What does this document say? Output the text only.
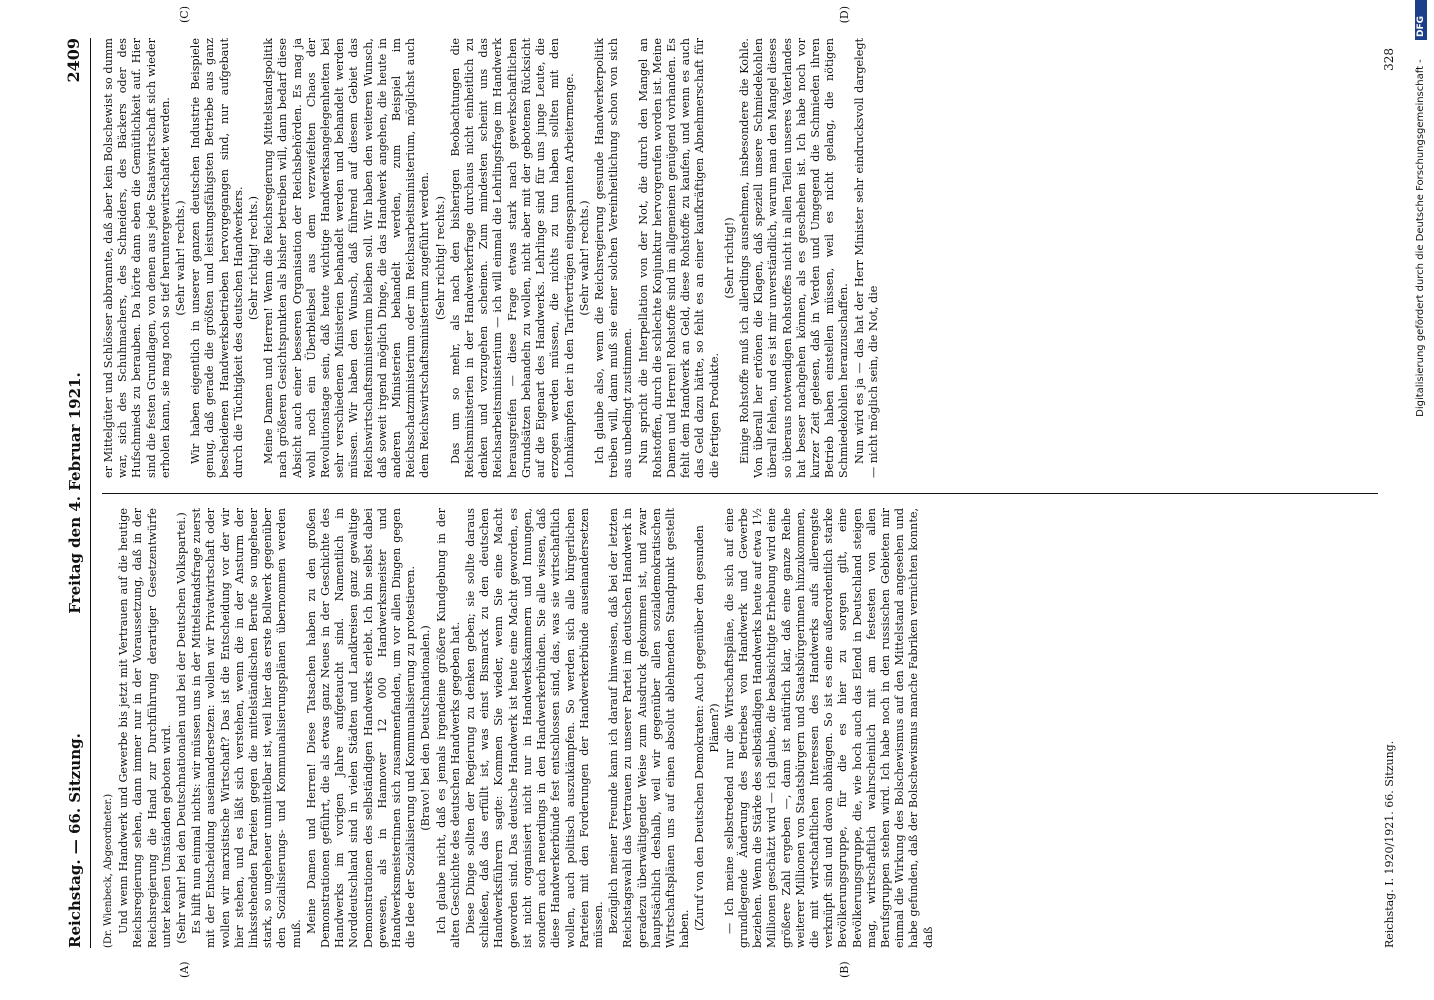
Reichstag. — 66. Sitzung.
Freitag den 4. Februar 1921.
2409

(Dr. Wienbeck, Abgeordneter.) Und wenn Handwerk und Gewerbe bis jetzt mit Vertrauen auf die heutige Reichsregierung sehen, dann immer nur in der Voraussetzung, daß in der Reichsregierung die Hand zur Durchführung derartiger Gesetzentwürfe unter keinen Umständen geboten wird. (Sehr wahr! bei den Deutschnationalen und bei der Deutschen Volkspartei.) Es hilft nun einmal nichts: wir müssen uns in der Mittelstandsfrage zuerst mit der Entscheidung auseinandersetzen: wollen wir Privatwirtschaft oder wollen wir marxistische Wirtschaft? Das ist die Entscheidung vor der wir hier stehen, und es läßt sich verstehen, wenn die in der Ansturm der linksstehenden Parteien gegen die mittelständischen Berufe so ungeheuer stark, so ungeheuer unmittelbar ist, weil hier das erste Bollwerk gegenüber den Sozialisierungs- und Kommunalisierungsplänen übernommen werden muß. Meine Damen und Herren! Diese Tatsachen haben zu den großen Demonstrationen geführt, die als etwas ganz Neues in der Geschichte des Handwerks im vorigen Jahre aufgetaucht sind. Namentlich in Norddeutschland sind in vielen Städten und Landkreisen ganz gewaltige Demonstrationen des selbständigen Handwerks erlebt. Ich bin selbst dabei gewesen, als in Hannover 12 000 Handwerksmeister und Handwerksmeisterinnen sich zusammenfanden, um vor allen Dingen gegen die Idee der Sozialisierung und Kommunalisierung zu protestieren. (Bravo! bei den Deutschnationalen.) Ich glaube nicht, daß es jemals irgendeine größere Kundgebung in der alten Geschichte des deutschen Handwerks gegeben hat. Diese Dinge sollten der Regierung zu denken geben; sie sollte daraus schließen, daß das erfüllt ist, was einst Bismarck zu den deutschen Handwerksführern sagte: Kommen Sie wieder, wenn Sie eine Macht geworden sind. Das deutsche Handwerk ist heute eine Macht geworden, es ist nicht organisiert nicht nur in Handwerkskammern und Innungen, sondern auch neuerdings in den Handwerkerbünden. Sie alle wissen, daß diese Handwerkerbünde fest entschlossen sind, das, was sie wirtschaftlich wollen, auch politisch auszukämpfen. So werden sich alle bürgerlichen Parteien mit den Forderungen der Handwerkerbünde auseinandersetzen müssen. Bezüglich meiner Freunde kann ich darauf hinweisen, daß bei der letzten Reichstagswahl das Vertrauen zu unserer Partei im deutschen Handwerk in geradezu überwältigender Weise zum Ausdruck gekommen ist, und zwar hauptsächlich deshalb, weil wir gegenüber allen sozialdemokratischen Wirtschaftsplänen uns auf einen absolut ablehnenden Standpunkt gestellt haben. (Zuruf von den Deutschen Demokraten: Auch gegenüber den gesunden Plänen?) — Ich meine selbstredend nur die Wirtschaftspläne, die sich auf eine grundlegende Änderung des Betriebes von Handwerk und Gewerbe beziehen. Wenn die Stärke des selbständigen Handwerks heute auf etwa 1½ Millionen geschätzt wird — ich glaube, die beabsichtigte Erhebung wird eine größere Zahl ergeben —, dann ist natürlich klar, daß eine ganze Reihe weiterer Millionen von Staatsbürgern und Staatsbürgerinnen hinzukommen, die mit wirtschaftlichen Interessen des Handwerks aufs allerengste verknüpft sind und davon abhängen. So ist es eine außerordentlich starke Bevölkerungsgruppe, für die es hier zu sorgen gilt, eine Bevölkerungsgruppe, die, wie hoch auch das Elend in Deutschland steigen mag, wirtschaftlich wahrscheinlich mit am festesten von allen Berufsgruppen stehen wird. Ich habe noch in den russischen Gebieten mir einmal die Wirkung des Bolschewismus auf den Mittelstand angesehen und habe gefunden, daß der Bolschewismus manche Fabriken vernichten konnte, daß

er Mittelgüter und Schlösser abbrannte, daß aber kein Bolschewist so dumm war, sich des Schuhmachers, des Schneiders, des Bäckers oder des Hufschmieds zu berauben. Da hörte dann eben die Gemütlichkeit auf. Hier sind die festen Grundlagen, von denen aus jede Staatswirtschaft sich wieder erholen kann, sie mag noch so tief heruntergewirtschaftet werden. (Sehr wahr! rechts.) Wir haben eigentlich in unserer ganzen deutschen Industrie Beispiele genug, daß gerade die größten und leistungsfähigsten Betriebe aus ganz bescheidenen Handwerksbetrieben hervorgegangen sind, nur aufgebaut durch die Tüchtigkeit des deutschen Handwerkers. (Sehr richtig! rechts.) Meine Damen und Herren! Wenn die Reichsregierung Mittelstandspolitik nach größeren Gesichtspunkten als bisher betreiben will, dann bedarf diese Absicht auch einer besseren Organisation der Reichsbehörden. Es mag ja wohl noch ein Überbleibsel aus dem verzweifelten Chaos der Revolutionstage sein, daß heute wichtige Handwerksangelegenheiten bei sehr verschiedenen Ministerien behandelt werden und behandelt werden müssen. Wir haben den Wunsch, daß führend auf diesem Gebiet das Reichswirtschaftsministerium bleiben soll. Wir haben den weiteren Wunsch, daß soweit irgend möglich Dinge, die das Handwerk angehen, die heute in anderen Ministerien behandelt werden, zum Beispiel im Reichsschatzministerium oder im Reichsarbeitsministerium, möglichst auch dem Reichswirtschaftsministerium zugeführt werden. (Sehr richtig! rechts.) Das um so mehr, als nach den bisherigen Beobachtungen die Reichsministerien in der Handwerkerfrage durchaus nicht einheitlich zu denken und vorzugehen scheinen. Zum mindesten scheint uns das Reichsarbeitsministerium — ich will einmal die Lehrlingsfrage im Handwerk herausgreifen — diese Frage etwas stark nach gewerkschaftlichen Grundsätzen behandeln zu wollen, nicht aber mit der gebotenen Rücksicht auf die Eigenart des Handwerks. Lehrlinge sind für uns junge Leute, die erzogen werden müssen, die nichts zu tun haben sollten mit den Lohnkämpfen der in den Tarifverträgen eingespannten Arbeitermenge. (Sehr wahr! rechts.) Ich glaube also, wenn die Reichsregierung gesunde Handwerkerpolitik treiben will, dann muß sie einer solchen Vereinheitlichung schon von sich aus unbedingt zustimmen. Nun spricht die Interpellation von der Not, die durch den Mangel an Rohstoffen, durch die schlechte Konjunktur hervorgerufen worden ist. Meine Damen und Herren! Rohstoffe sind im allgemeinen genügend vorhanden. Es fehlt dem Handwerk an Geld, diese Rohstoffe zu kaufen, und wenn es auch das Geld dazu hätte, so fehlt es an einer kaufkräftigen Abnehmerschaft für die fertigen Produkte.

(Sehr richtig!) Einige Rohstoffe muß ich allerdings ausnehmen, insbesondere die Kohle. Von überall her ertönen die Klagen, daß speziell unsere Schmiedekohlen überall fehlen, und es ist mir unverständlich, warum man den Mangel dieses so überaus notwendigen Rohstoffes nicht in allen Teilen unseres Vaterlandes hat besser nachgehen können, als es geschehen ist. Ich habe noch vor kurzer Zeit gelesen, daß in Verden und Umgegend die Schmieden ihren Betrieb haben einstellen müssen, weil es nicht gelang, die nötigen Schmiedekohlen heranzuschaffen. Nun wird es ja — das hat der Herr Minister sehr eindrucksvoll dargelegt — nicht möglich sein, die Not, die

(A)	(B)
(C)	(D)
Reichstag. I. 1920/1921. 66. Sitzung.
328	Digitalisierung gefördert durch die Deutsche Forschungsgemeinschaft - DFG
